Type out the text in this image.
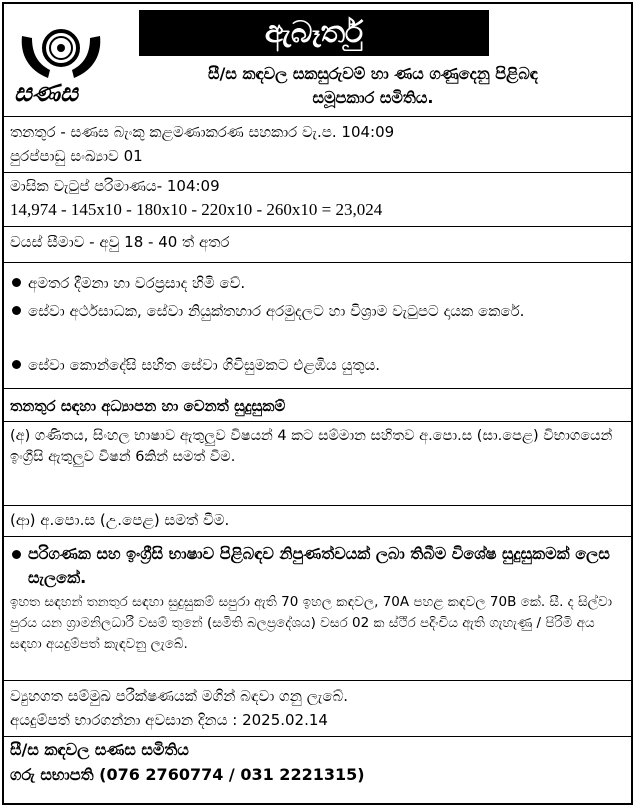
සණස
ඇබෑර්තු
සී/ස කඳවල සකසුරුවම් හා ණය ගණුදෙනු පිළිබඳ
සමූපකාර සමිතිය.
තනතුර - සණස බැංකු කළමණාකරණ සහකාර වැ.ප. 104:09
පුරප්පාඩු සංඛ්‍යාව 01
මාසික වැටුප් පරිමාණය- 104:09
14,974 - 145x10 - 180x10 - 220x10 - 260x10 = 23,024
වයස් සීමාව - අවු 18 - 40 ත් අතර
අමතර දීමනා හා වරප්‍රසාද හිමි වේ.
සේවා අර්ථසාධක, සේවා නියුක්තහාර අරමුදලට හා විශ්‍රාම වැටුපට දායක කෙරේ.
සේවා කොන්දේසි සහිත සේවා ගිවිසුමකට එළඹිය යුතුය.
තනතුර සඳහා අධ්‍යාපන හා වෙනත් සුදුසුකම්
(අ) ගණිතය, සිංහල භාෂාව ඇතුලුව විෂයන් 4 කට සම්මාන සහිතව අ.පො.ස (සා.පෙළ) විභාගයෙන් ඉංග්‍රීසි ඇතුලුව විෂන් 6කින් සමත් වීම.
(ආ) අ.පො.ස (උ.පෙළ) සමත් වීම.
පරිගණක සහ ඉංග්‍රීසි භාෂාව පිළිබඳව නිපුණත්වයක් ලබා තිබීම විශේෂ සුදුසුකමක් ලෙස සැලකේ.
ඉහත සඳහන් තනතුර සඳහා සුදුසුකම් සපුරා ඇති 70 ඉහල කඳවල, 70A පහළ කඳවල 70B කේ. සී. ද සිල්වා පුරය යන ග්‍රාමනිලධාරී වසම් තුනේ (සමිති බලප්‍රදේශය) වසර 02 ක ස්ථිර පදිංචිය ඇති ගැහැණු / පිරිමි අය සඳහා අයදුම්පත් කැඳවනු ලැබේ.
ව්‍යුහගත සම්මුඛ පරීක්ෂණයක් මගින් බඳවා ගනු ලැබේ.
අයදුම්පත් භාරගන්නා අවසාන දිනය : 2025.02.14
සී/ස කඳවල සණස සමිතිය
ගරු සභාපති (076 2760774 / 031 2221315)
